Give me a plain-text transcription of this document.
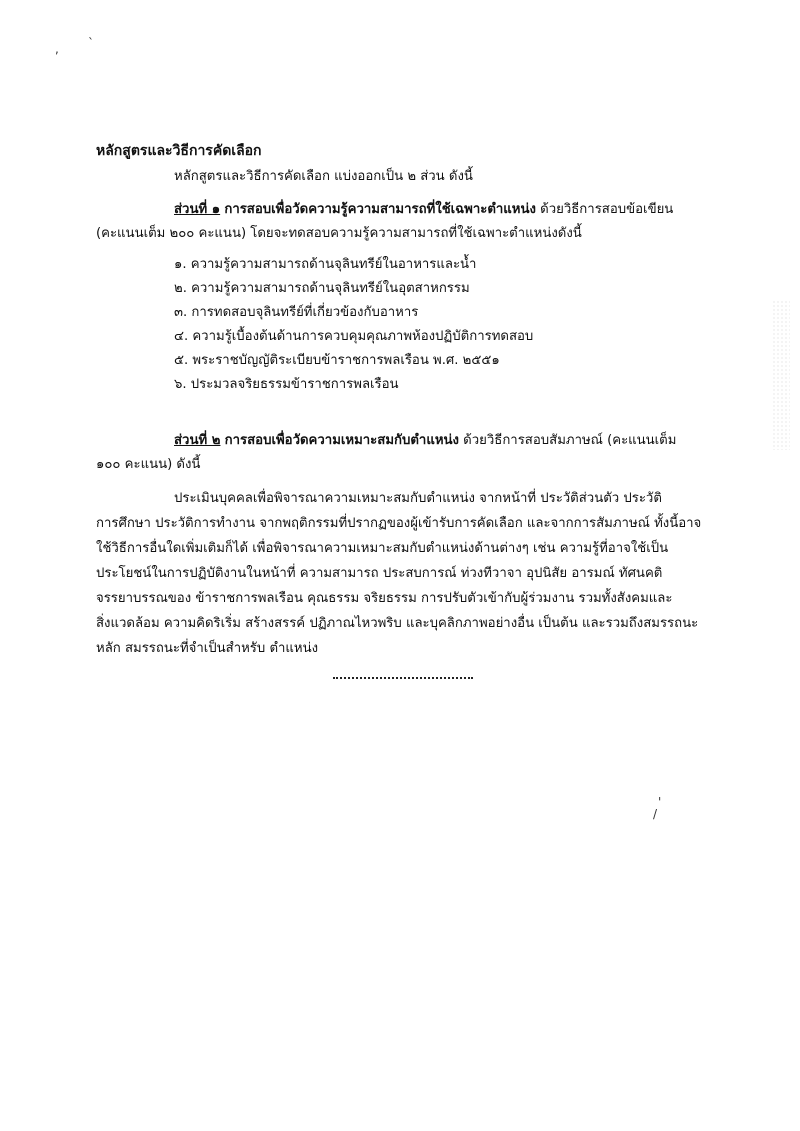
, `
หลักสูตรและวิธีการคัดเลือก
หลักสูตรและวิธีการคัดเลือก แบ่งออกเป็น ๒ ส่วน ดังนี้
ส่วนที่ ๑ การสอบเพื่อวัดความรู้ความสามารถที่ใช้เฉพาะตำแหน่ง ด้วยวิธีการสอบข้อเขียน
(คะแนนเต็ม ๒๐๐ คะแนน) โดยจะทดสอบความรู้ความสามารถที่ใช้เฉพาะตำแหน่งดังนี้
๑. ความรู้ความสามารถด้านจุลินทรีย์ในอาหารและน้ำ
๒. ความรู้ความสามารถด้านจุลินทรีย์ในอุตสาหกรรม
๓. การทดสอบจุลินทรีย์ที่เกี่ยวข้องกับอาหาร
๔. ความรู้เบื้องต้นด้านการควบคุมคุณภาพห้องปฏิบัติการทดสอบ
๕. พระราชบัญญัติระเบียบข้าราชการพลเรือน พ.ศ. ๒๕๕๑
๖. ประมวลจริยธรรมข้าราชการพลเรือน
ส่วนที่ ๒ การสอบเพื่อวัดความเหมาะสมกับตำแหน่ง ด้วยวิธีการสอบสัมภาษณ์ (คะแนนเต็ม
๑๐๐ คะแนน) ดังนี้
ประเมินบุคคลเพื่อพิจารณาความเหมาะสมกับตำแหน่ง จากหน้าที่ ประวัติส่วนตัว ประวัติ
การศึกษา ประวัติการทำงาน จากพฤติกรรมที่ปรากฏของผู้เข้ารับการคัดเลือก และจากการสัมภาษณ์ ทั้งนี้อาจ
ใช้วิธีการอื่นใดเพิ่มเติมก็ได้ เพื่อพิจารณาความเหมาะสมกับตำแหน่งด้านต่างๆ เช่น ความรู้ที่อาจใช้เป็น
ประโยชน์ในการปฏิบัติงานในหน้าที่ ความสามารถ ประสบการณ์ ท่วงทีวาจา อุปนิสัย อารมณ์ ทัศนคติ
จรรยาบรรณของ ข้าราชการพลเรือน คุณธรรม จริยธรรม การปรับตัวเข้ากับผู้ร่วมงาน รวมทั้งสังคมและ
สิ่งแวดล้อม ความคิดริเริ่ม สร้างสรรค์ ปฏิภาณไหวพริบ และบุคลิกภาพอย่างอื่น เป็นต้น และรวมถึงสมรรถนะ
หลัก สมรรถนะที่จำเป็นสำหรับ ตำแหน่ง
'
/
